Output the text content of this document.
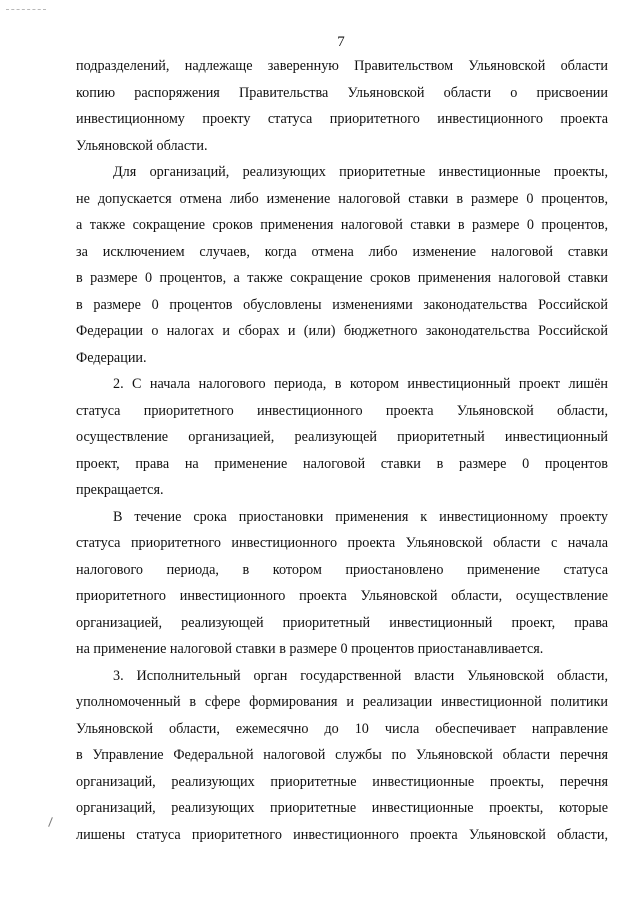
7

подразделений, надлежаще заверенную Правительством Ульяновской области
копию распоряжения Правительства Ульяновской области о присвоении
инвестиционному проекту статуса приоритетного инвестиционного проекта
Ульяновской области.

Для организаций, реализующих приоритетные инвестиционные проекты,
не допускается отмена либо изменение налоговой ставки в размере 0 процентов,
а также сокращение сроков применения налоговой ставки в размере 0 процентов,
за исключением случаев, когда отмена либо изменение налоговой ставки
в размере 0 процентов, а также сокращение сроков применения налоговой ставки
в размере 0 процентов обусловлены изменениями законодательства Российской
Федерации о налогах и сборах и (или) бюджетного законодательства Российской
Федерации.

2. С начала налогового периода, в котором инвестиционный проект лишён
статуса приоритетного инвестиционного проекта Ульяновской области,
осуществление организацией, реализующей приоритетный инвестиционный
проект, права на применение налоговой ставки в размере 0 процентов
прекращается.

В течение срока приостановки применения к инвестиционному проекту
статуса приоритетного инвестиционного проекта Ульяновской области с начала
налогового периода, в котором приостановлено применение статуса
приоритетного инвестиционного проекта Ульяновской области, осуществление
организацией, реализующей приоритетный инвестиционный проект, права
на применение налоговой ставки в размере 0 процентов приостанавливается.

3. Исполнительный орган государственной власти Ульяновской области,
уполномоченный в сфере формирования и реализации инвестиционной политики
Ульяновской области, ежемесячно до 10 числа обеспечивает направление
в Управление Федеральной налоговой службы по Ульяновской области перечня
организаций, реализующих приоритетные инвестиционные проекты, перечня
организаций, реализующих приоритетные инвестиционные проекты, которые
лишены статуса приоритетного инвестиционного проекта Ульяновской области,
